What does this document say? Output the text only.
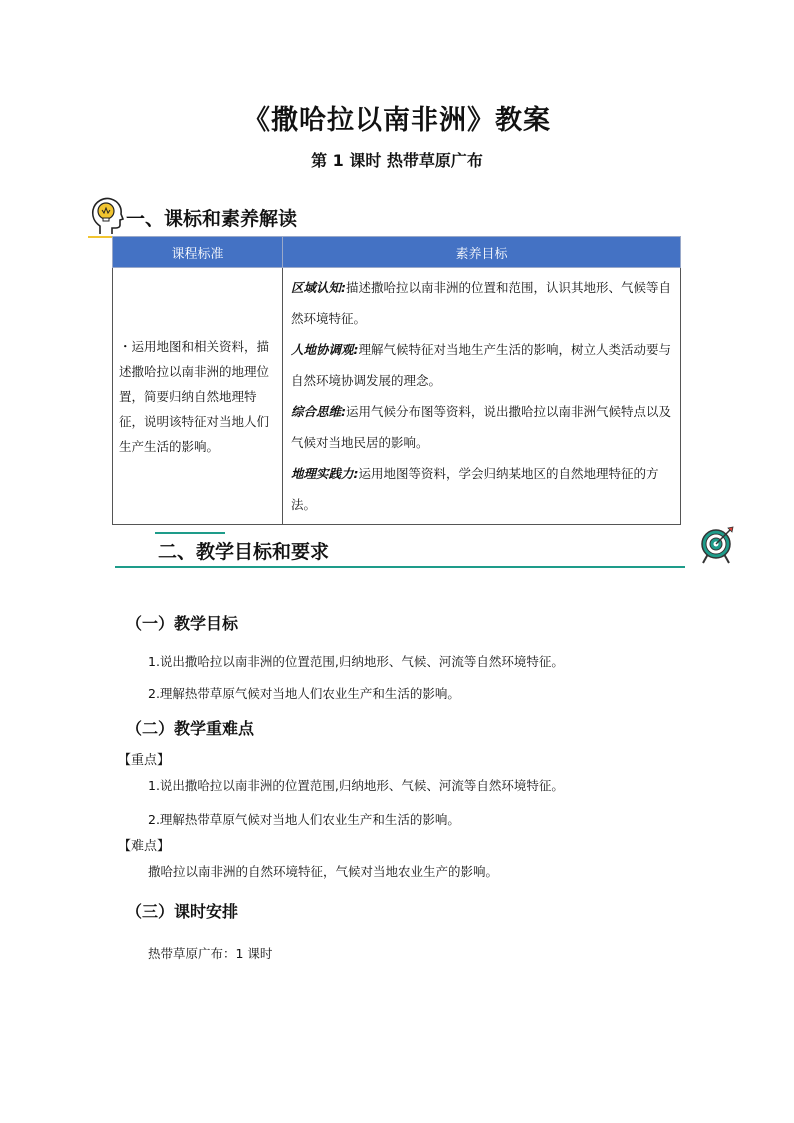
《撒哈拉以南非洲》教案
第 1 课时 热带草原广布
一、课标和素养解读
课程标准	素养目标
・运用地图和相关资料，描述撒哈拉以南非洲的地理位置，简要归纳自然地理特征，说明该特征对当地人们生产生活的影响。	区域认知:描述撒哈拉以南非洲的位置和范围，认识其地形、气候等自然环境特征。
人地协调观:理解气候特征对当地生产生活的影响，树立人类活动要与自然环境协调发展的理念。
综合思维:运用气候分布图等资料，说出撒哈拉以南非洲气候特点以及气候对当地民居的影响。
地理实践力:运用地图等资料，学会归纳某地区的自然地理特征的方法。
二、教学目标和要求
（一）教学目标
1.说出撒哈拉以南非洲的位置范围,归纳地形、气候、河流等自然环境特征。
2.理解热带草原气候对当地人们农业生产和生活的影响。
（二）教学重难点
【重点】
1.说出撒哈拉以南非洲的位置范围,归纳地形、气候、河流等自然环境特征。
2.理解热带草原气候对当地人们农业生产和生活的影响。
【难点】
撒哈拉以南非洲的自然环境特征，气候对当地农业生产的影响。
（三）课时安排
热带草原广布：1 课时
